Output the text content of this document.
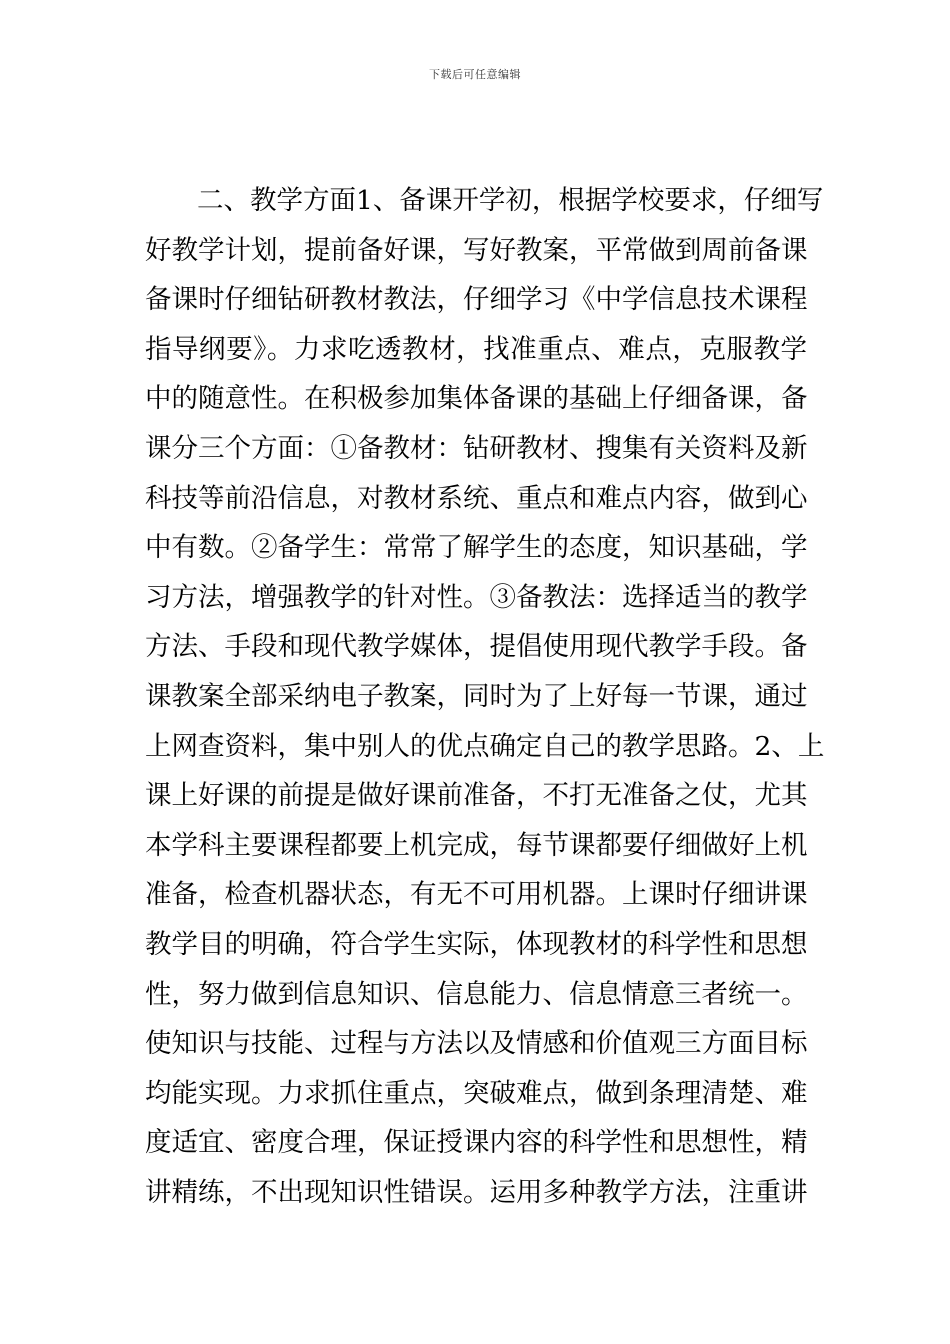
下载后可任意编辑
二、教学方面1、备课开学初，根据学校要求，仔细写
好教学计划，提前备好课，写好教案，平常做到周前备课
备课时仔细钻研教材教法，仔细学习《中学信息技术课程
指导纲要》。力求吃透教材，找准重点、难点，克服教学
中的随意性。在积极参加集体备课的基础上仔细备课，备
课分三个方面：①备教材：钻研教材、搜集有关资料及新
科技等前沿信息，对教材系统、重点和难点内容，做到心
中有数。②备学生：常常了解学生的态度，知识基础，学
习方法，增强教学的针对性。③备教法：选择适当的教学
方法、手段和现代教学媒体，提倡使用现代教学手段。备
课教案全部采纳电子教案，同时为了上好每一节课，通过
上网查资料，集中别人的优点确定自己的教学思路。2、上
课上好课的前提是做好课前准备，不打无准备之仗，尤其
本学科主要课程都要上机完成，每节课都要仔细做好上机
准备，检查机器状态，有无不可用机器。上课时仔细讲课
教学目的明确，符合学生实际，体现教材的科学性和思想
性，努力做到信息知识、信息能力、信息情意三者统一。
使知识与技能、过程与方法以及情感和价值观三方面目标
均能实现。力求抓住重点，突破难点，做到条理清楚、难
度适宜、密度合理，保证授课内容的科学性和思想性，精
讲精练，不出现知识性错误。运用多种教学方法，注重讲
